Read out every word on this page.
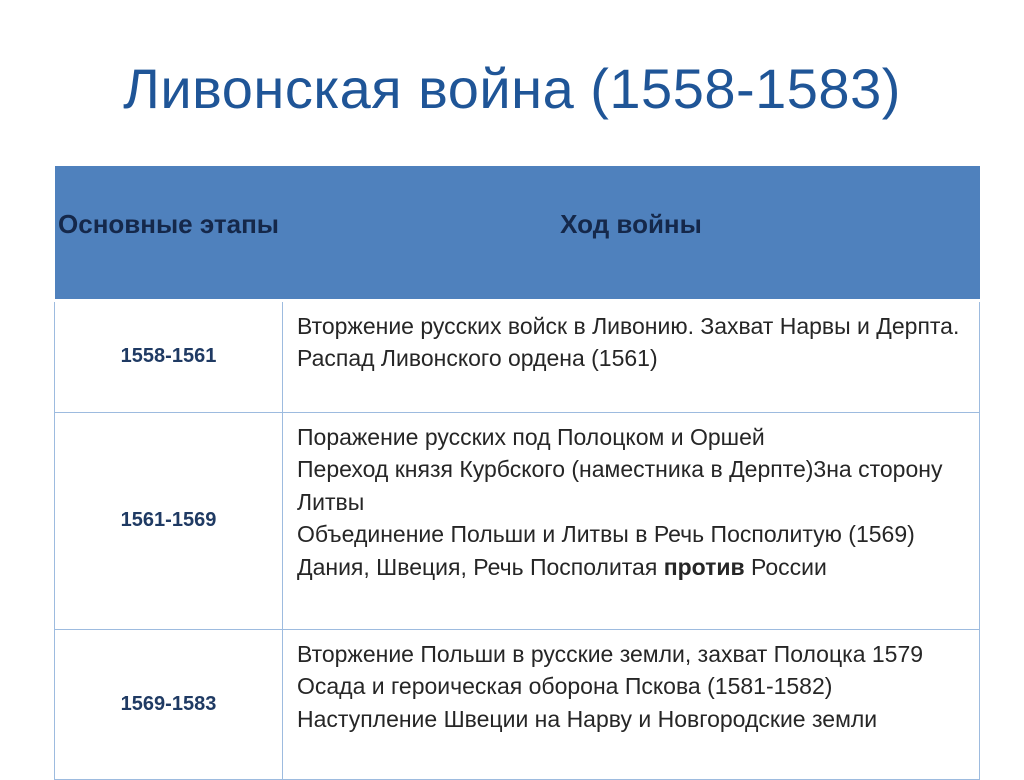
Ливонская война (1558-1583)
Основные этапы	Ход войны
1558-1561	Вторжение русских войск в Ливонию. Захват Нарвы и Дерпта.
Распад Ливонского ордена (1561)

1561-1569	Поражение русских под Полоцком и Оршей
Переход князя Курбского (наместника в Дерпте)3на сторону Литвы
Объединение Польши и Литвы в Речь Посполитую (1569)
Дания, Швеция, Речь Посполитая против России

1569-1583	Вторжение Польши в русские земли, захват Полоцка 1579
Осада и героическая оборона Пскова (1581-1582)
Наступление Швеции на Нарву и Новгородские земли
